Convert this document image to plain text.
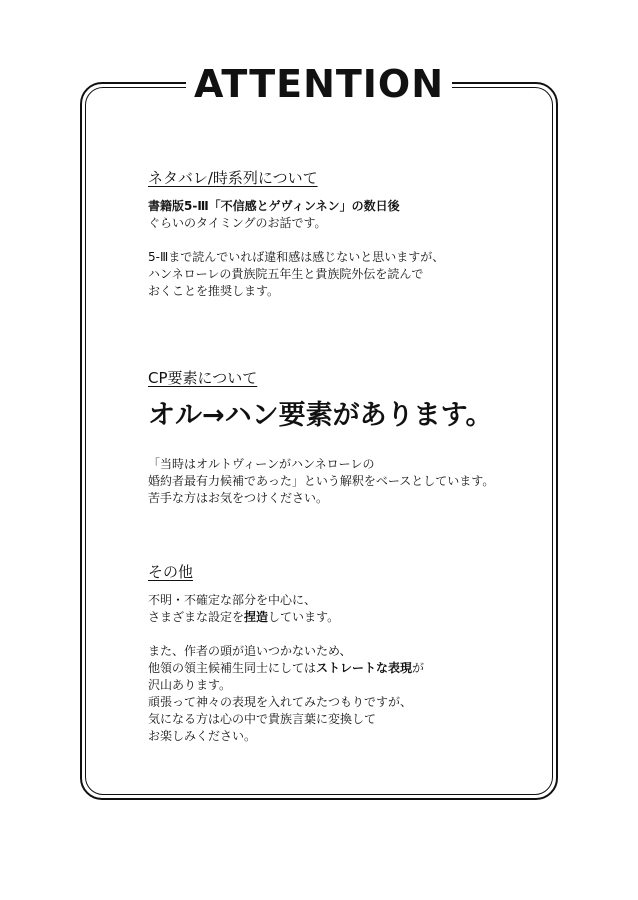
ATTENTION
ネタバレ/時系列について
書籍版5-Ⅲ「不信感とゲヴィンネン」の数日後
ぐらいのタイミングのお話です。
5-Ⅲまで読んでいれば違和感は感じないと思いますが、
ハンネローレの貴族院五年生と貴族院外伝を読んで
おくことを推奨します。
CP要素について
オル→ハン要素があります。
「当時はオルトヴィーンがハンネローレの
婚約者最有力候補であった」という解釈をベースとしています。
苦手な方はお気をつけください。
その他
不明・不確定な部分を中心に、
さまざまな設定を捏造しています。
また、作者の頭が追いつかないため、
他領の領主候補生同士にしてはストレートな表現が
沢山あります。
頑張って神々の表現を入れてみたつもりですが、
気になる方は心の中で貴族言葉に変換して
お楽しみください。
